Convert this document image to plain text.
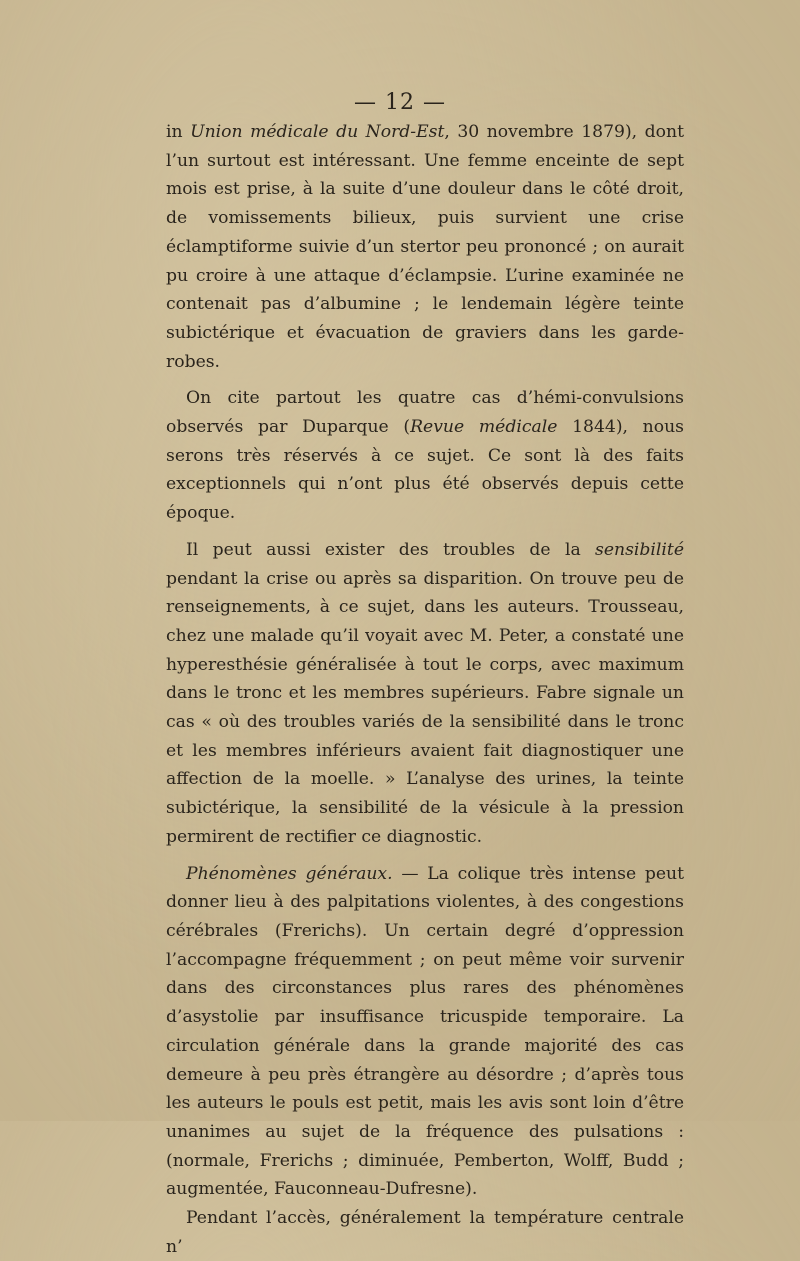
— 12 —

in Union médicale du Nord-Est, 30 novembre 1879), dont l’un surtout est intéressant. Une femme enceinte de sept mois est prise, à la suite d’une douleur dans le côté droit, de vomissements bilieux, puis survient une crise éclamptiforme suivie d’un stertor peu prononcé ; on aurait pu croire à une attaque d’éclampsie. L’urine examinée ne contenait pas d’albumine ; le lendemain légère teinte subictérique et évacuation de graviers dans les garde-robes.

On cite partout les quatre cas d’hémi-convulsions observés par Duparque (Revue médicale 1844), nous serons très réservés à ce sujet. Ce sont là des faits exceptionnels qui n’ont plus été observés depuis cette époque.

Il peut aussi exister des troubles de la sensibilité pendant la crise ou après sa disparition. On trouve peu de renseignements, à ce sujet, dans les auteurs. Trousseau, chez une malade qu’il voyait avec M. Peter, a constaté une hyperesthésie généralisée à tout le corps, avec maximum dans le tronc et les membres supérieurs. Fabre signale un cas « où des troubles variés de la sensibilité dans le tronc et les membres inférieurs avaient fait diagnostiquer une affection de la moelle. » L’analyse des urines, la teinte subictérique, la sensibilité de la vésicule à la pression permirent de rectifier ce diagnostic.

Phénomènes généraux. — La colique très intense peut donner lieu à des palpitations violentes, à des congestions cérébrales (Frerichs). Un certain degré d’oppression l’accompagne fréquemment ; on peut même voir survenir dans des circonstances plus rares des phénomènes d’asystolie par insuffisance tricuspide temporaire. La circulation générale dans la grande majorité des cas demeure à peu près étrangère au désordre ; d’après tous les auteurs le pouls est petit, mais les avis sont loin d’être unanimes au sujet de la fréquence des pulsations : (normale, Frerichs ; diminuée, Pemberton, Wolff, Budd ; augmentée, Fauconneau-Dufresne).

Pendant l’accès, généralement la température centrale n’
